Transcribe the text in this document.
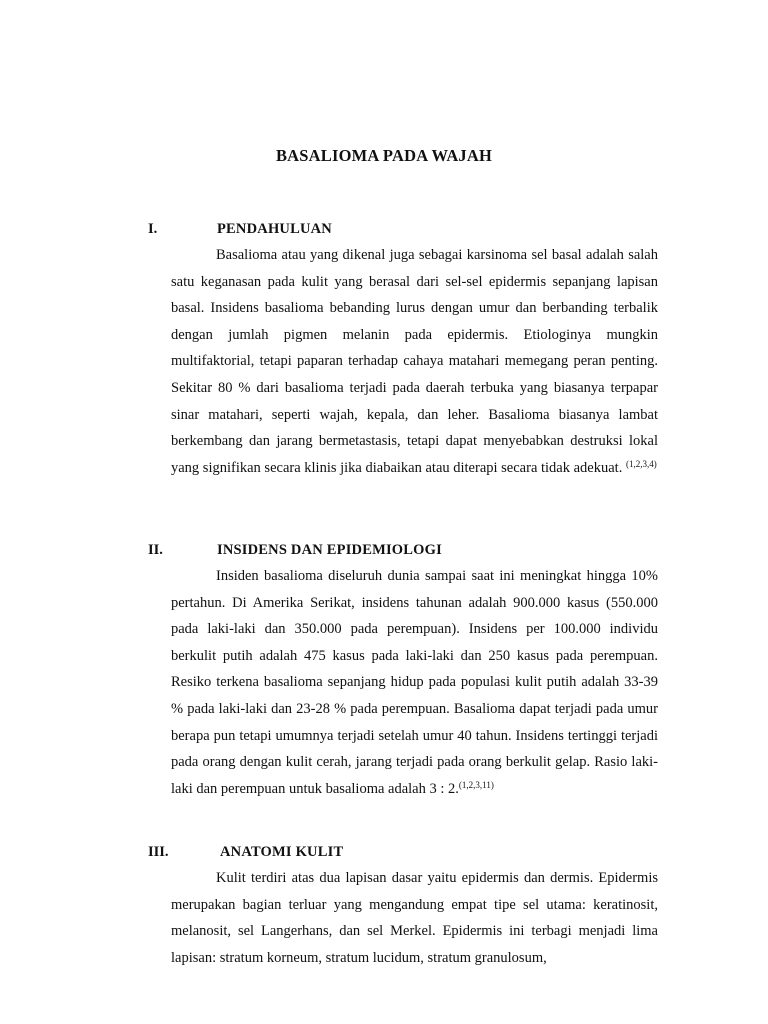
BASALIOMA PADA WAJAH
I.	PENDAHULUAN
Basalioma atau yang dikenal juga sebagai karsinoma sel basal adalah salah satu keganasan pada kulit yang berasal dari sel-sel epidermis sepanjang lapisan basal. Insidens basalioma bebanding lurus dengan umur dan berbanding terbalik dengan jumlah pigmen melanin pada epidermis. Etiologinya mungkin multifaktorial, tetapi paparan terhadap cahaya matahari memegang peran penting. Sekitar 80 % dari basalioma terjadi pada daerah terbuka yang biasanya terpapar sinar matahari, seperti wajah, kepala, dan leher. Basalioma biasanya lambat berkembang dan jarang bermetastasis, tetapi dapat menyebabkan destruksi lokal yang signifikan secara klinis jika diabaikan atau diterapi secara tidak adekuat. $^{(1,2,3,4)}$
II.	INSIDENS DAN EPIDEMIOLOGI
Insiden basalioma diseluruh dunia sampai saat ini meningkat hingga 10% pertahun. Di Amerika Serikat, insidens tahunan adalah 900.000 kasus (550.000 pada laki-laki dan 350.000 pada perempuan). Insidens per 100.000 individu berkulit putih adalah 475 kasus pada laki-laki dan 250 kasus pada perempuan. Resiko terkena basalioma sepanjang hidup pada populasi kulit putih adalah 33-39 % pada laki-laki dan 23-28 % pada perempuan. Basalioma dapat terjadi pada umur berapa pun tetapi umumnya terjadi setelah umur 40 tahun. Insidens tertinggi terjadi pada orang dengan kulit cerah, jarang terjadi pada orang berkulit gelap. Rasio laki-laki dan perempuan untuk basalioma adalah 3 : 2.$^{(1,2,3,11)}$
III.	ANATOMI KULIT
Kulit terdiri atas dua lapisan dasar yaitu epidermis dan dermis. Epidermis merupakan bagian terluar yang mengandung empat tipe sel utama: keratinosit, melanosit, sel Langerhans, dan sel Merkel. Epidermis ini terbagi menjadi lima lapisan: stratum korneum, stratum lucidum, stratum granulosum,
